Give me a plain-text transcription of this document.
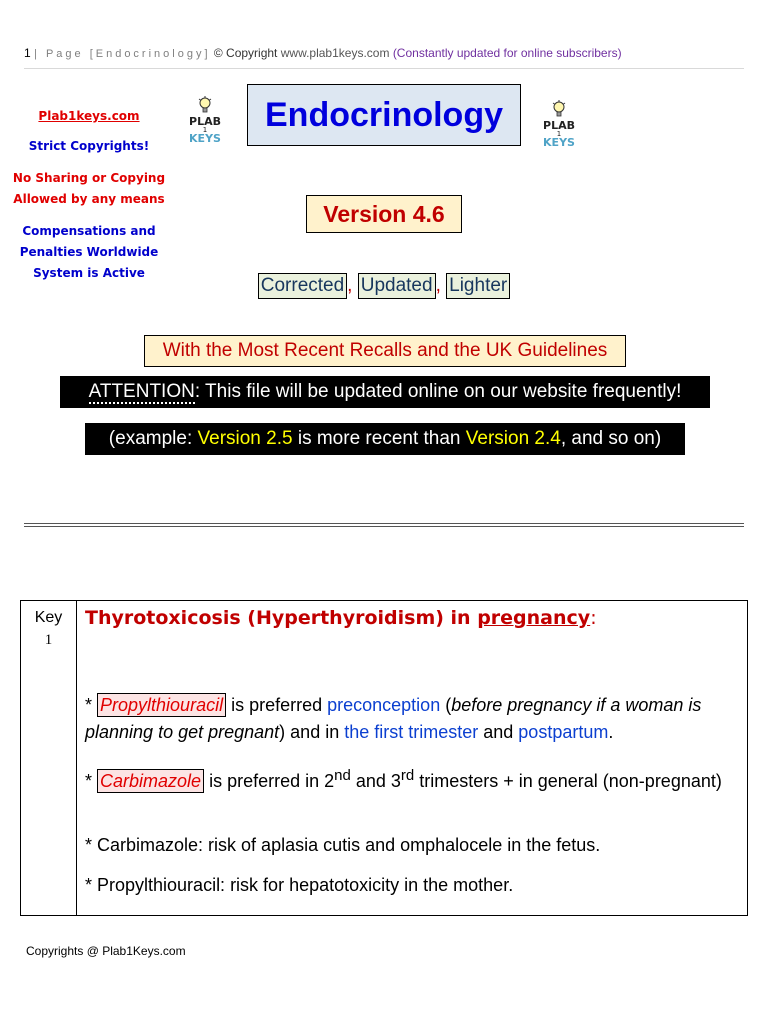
1 | Page [Endocrinology] © Copyright www.plab1keys.com (Constantly updated for online subscribers)
Plab1keys.com
Strict Copyrights!
No Sharing or Copying
Allowed by any means
Compensations and
Penalties Worldwide
System is Active
PLAB
1
KEYS
PLAB
1
KEYS
Endocrinology
Version 4.6
Corrected , Updated , Lighter
With the Most Recent Recalls and the UK Guidelines
ATTENTION: This file will be updated online on our website frequently!
(example: Version 2.5 is more recent than Version 2.4, and so on)
Key
1
Thyrotoxicosis (Hyperthyroidism) in pregnancy:
* Propylthiouracil is preferred preconception (before pregnancy if a woman is planning to get pregnant) and in the first trimester and postpartum.
* Carbimazole is preferred in 2nd and 3rd trimesters + in general (non-pregnant)
* Carbimazole: risk of aplasia cutis and omphalocele in the fetus.
* Propylthiouracil: risk for hepatotoxicity in the mother.
Copyrights @ Plab1Keys.com
